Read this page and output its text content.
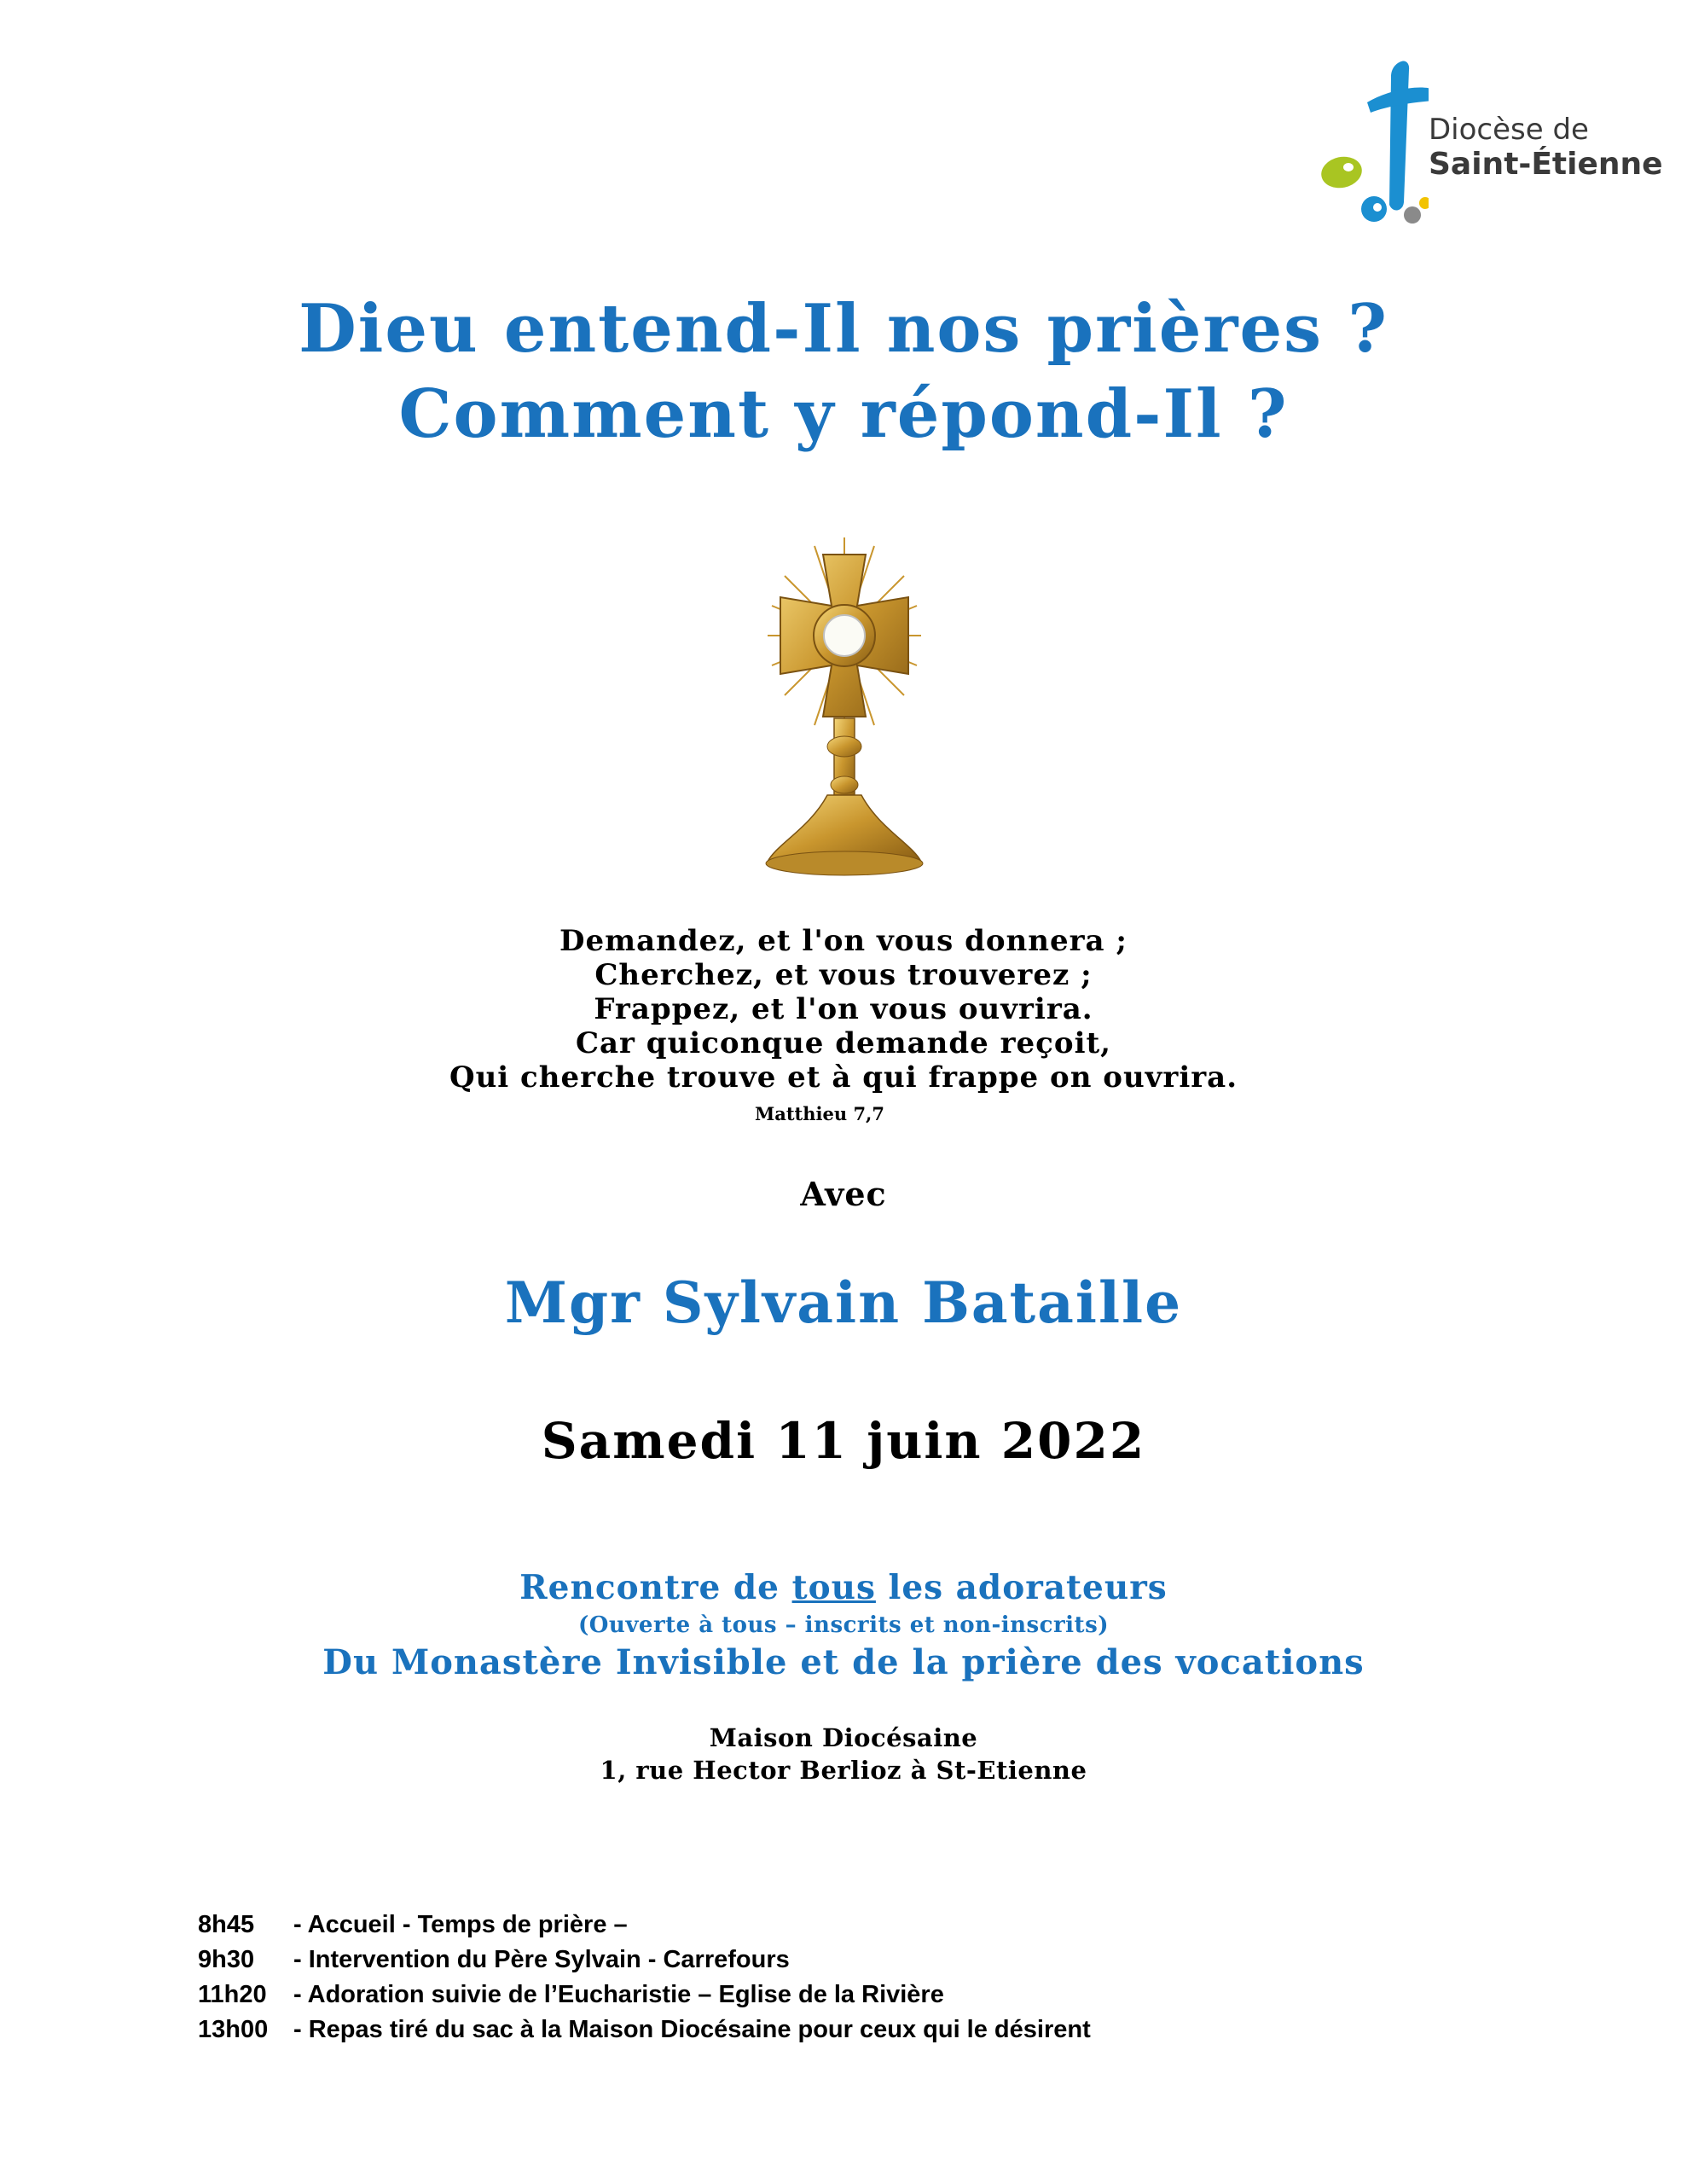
Diocèse de
Saint-Étienne
Dieu entend-Il nos prières ?
Comment y répond-Il ?
Demandez, et l'on vous donnera ;
Cherchez, et vous trouverez ;
Frappez, et l'on vous ouvrira.
Car quiconque demande reçoit,
Qui cherche trouve et à qui frappe on ouvrira.
Matthieu 7,7
Avec
Mgr Sylvain Bataille
Samedi 11 juin 2022
Rencontre de tous les adorateurs
(Ouverte à tous – inscrits et non-inscrits)
Du Monastère Invisible et de la prière des vocations
Maison Diocésaine
1, rue Hector Berlioz à St-Etienne
8h45 - Accueil - Temps de prière –
9h30 - Intervention du Père Sylvain - Carrefours
11h20 - Adoration suivie de l’Eucharistie – Eglise de la Rivière
13h00 - Repas tiré du sac à la Maison Diocésaine pour ceux qui le désirent
